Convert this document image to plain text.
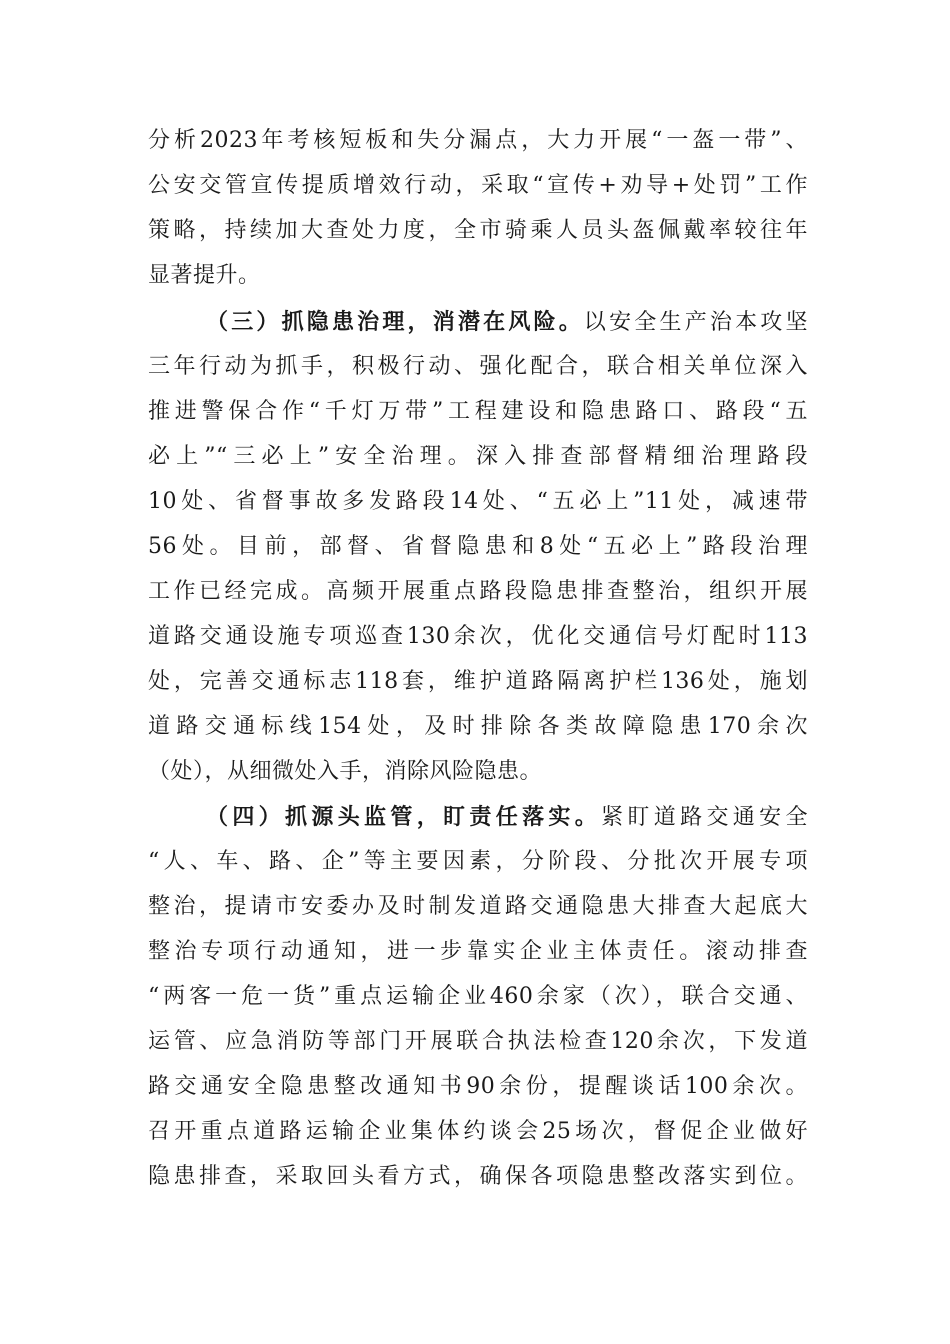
分析2023年考核短板和失分漏点，大力开展“一盔一带”、
公安交管宣传提质增效行动，采取“宣传+劝导+处罚”工作
策略，持续加大查处力度，全市骑乘人员头盔佩戴率较往年
显著提升。
（三）抓隐患治理，消潜在风险。以安全生产治本攻坚
三年行动为抓手，积极行动、强化配合，联合相关单位深入
推进警保合作“千灯万带”工程建设和隐患路口、路段“五
必上”“三必上”安全治理。深入排查部督精细治理路段
10处、省督事故多发路段14处、“五必上”11处，减速带
56处。目前，部督、省督隐患和8处“五必上”路段治理
工作已经完成。高频开展重点路段隐患排查整治，组织开展
道路交通设施专项巡查130余次，优化交通信号灯配时113
处，完善交通标志118套，维护道路隔离护栏136处，施划
道路交通标线154处，及时排除各类故障隐患170余次
（处），从细微处入手，消除风险隐患。
（四）抓源头监管，盯责任落实。紧盯道路交通安全
“人、车、路、企”等主要因素，分阶段、分批次开展专项
整治，提请市安委办及时制发道路交通隐患大排查大起底大
整治专项行动通知，进一步靠实企业主体责任。滚动排查
“两客一危一货”重点运输企业460余家（次），联合交通、
运管、应急消防等部门开展联合执法检查120余次，下发道
路交通安全隐患整改通知书90余份，提醒谈话100余次。
召开重点道路运输企业集体约谈会25场次，督促企业做好
隐患排查，采取回头看方式，确保各项隐患整改落实到位。
